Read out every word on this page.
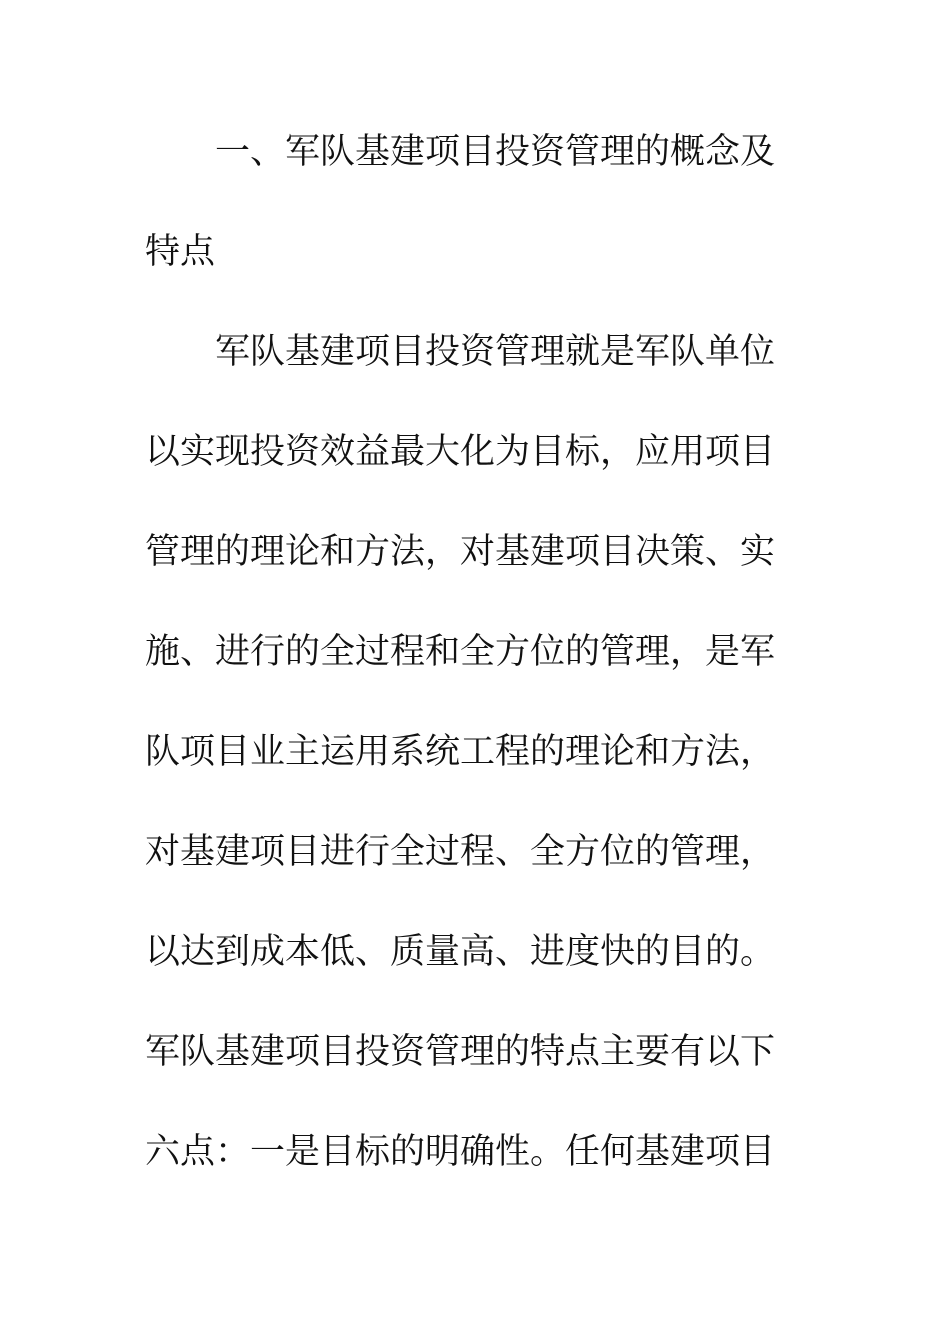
一、军队基建项目投资管理的概念及
特点
军队基建项目投资管理就是军队单位
以实现投资效益最大化为目标，应用项目
管理的理论和方法，对基建项目决策、实
施、进行的全过程和全方位的管理，是军
队项目业主运用系统工程的理论和方法，
对基建项目进行全过程、全方位的管理，
以达到成本低、质量高、进度快的目的。
军队基建项目投资管理的特点主要有以下
六点：一是目标的明确性。任何基建项目
